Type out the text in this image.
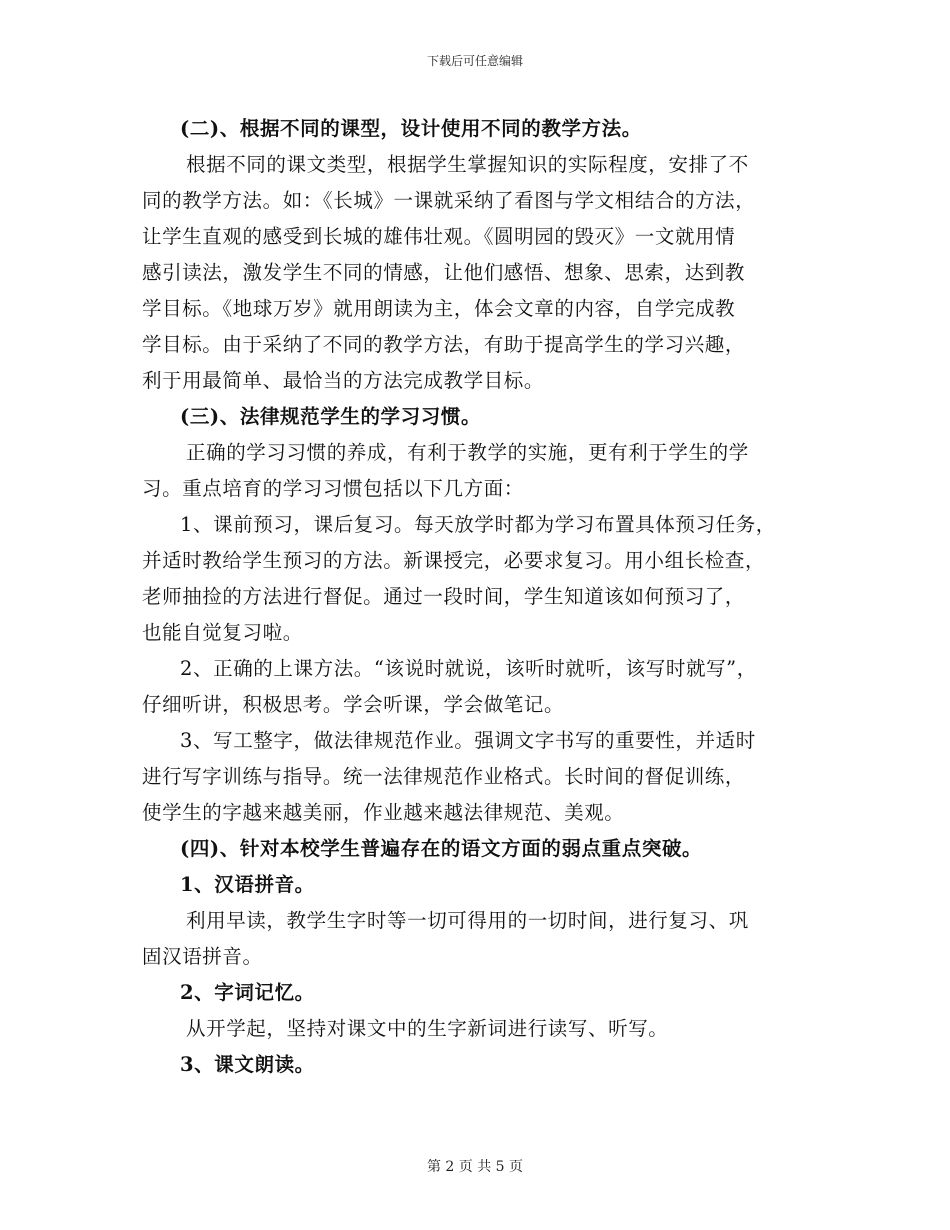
下载后可任意编辑
(二)、根据不同的课型，设计使用不同的教学方法。
根据不同的课文类型，根据学生掌握知识的实际程度，安排了不
同的教学方法。如：《长城》一课就采纳了看图与学文相结合的方法，
让学生直观的感受到长城的雄伟壮观。《圆明园的毁灭》一文就用情
感引读法，激发学生不同的情感，让他们感悟、想象、思索，达到教
学目标。《地球万岁》就用朗读为主，体会文章的内容，自学完成教
学目标。由于采纳了不同的教学方法，有助于提高学生的学习兴趣，
利于用最简单、最恰当的方法完成教学目标。
(三)、法律规范学生的学习习惯。
正确的学习习惯的养成，有利于教学的实施，更有利于学生的学
习。重点培育的学习习惯包括以下几方面：
1、课前预习，课后复习。每天放学时都为学习布置具体预习任务，
并适时教给学生预习的方法。新课授完，必要求复习。用小组长检查，
老师抽捡的方法进行督促。通过一段时间，学生知道该如何预习了，
也能自觉复习啦。
2、正确的上课方法。“该说时就说，该听时就听，该写时就写”，
仔细听讲，积极思考。学会听课，学会做笔记。
3、写工整字，做法律规范作业。强调文字书写的重要性，并适时
进行写字训练与指导。统一法律规范作业格式。长时间的督促训练，
使学生的字越来越美丽，作业越来越法律规范、美观。
(四)、针对本校学生普遍存在的语文方面的弱点重点突破。
1、汉语拼音。
利用早读，教学生字时等一切可得用的一切时间，进行复习、巩
固汉语拼音。
2、字词记忆。
从开学起，坚持对课文中的生字新词进行读写、听写。
3、课文朗读。
第 2 页 共 5 页
